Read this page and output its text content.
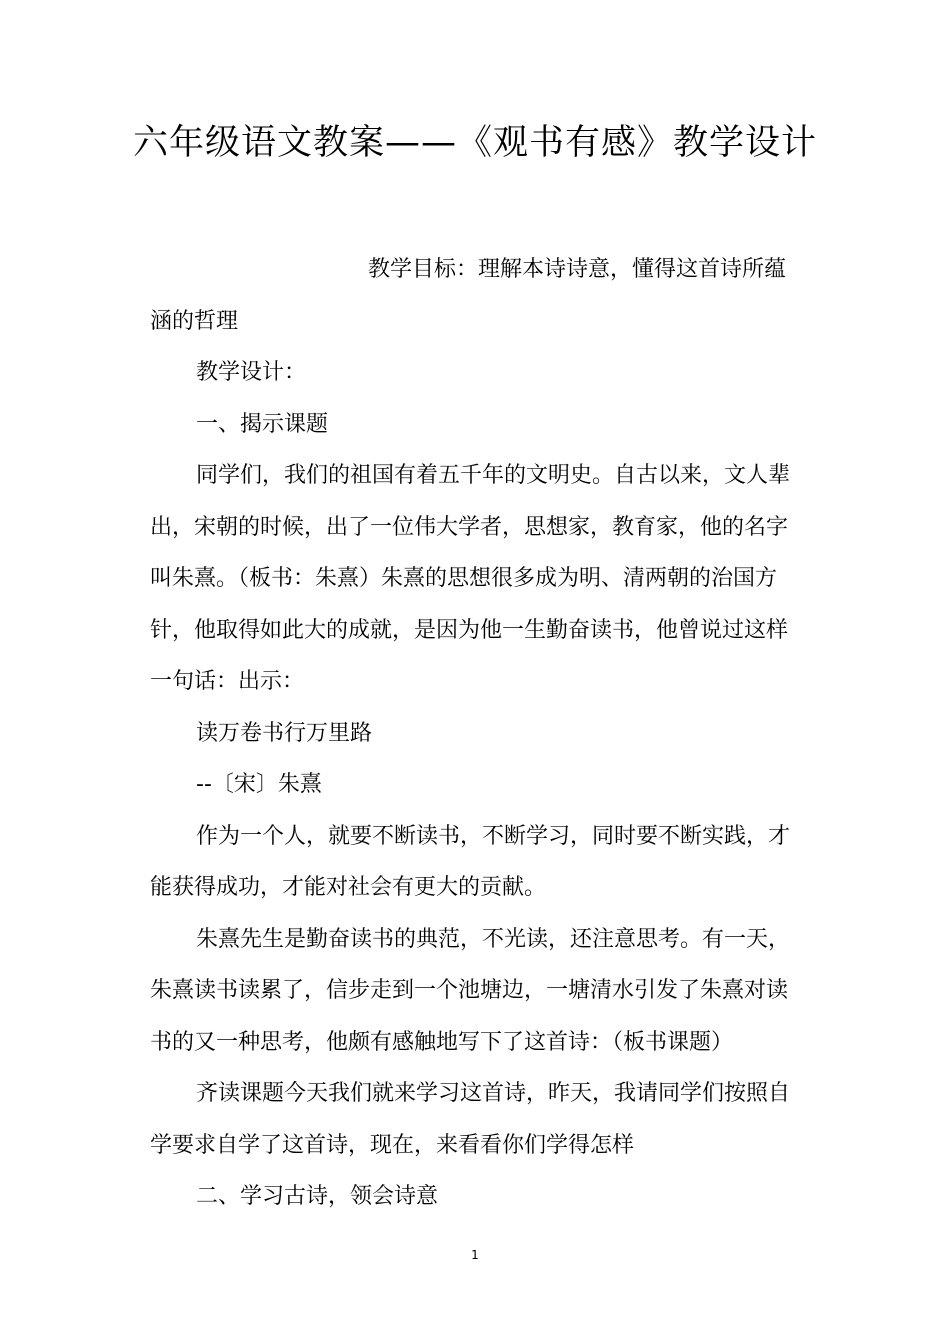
六年级语文教案——《观书有感》教学设计
教学目标：理解本诗诗意，懂得这首诗所蕴
涵的哲理
教学设计：
一、揭示课题
同学们，我们的祖国有着五千年的文明史。自古以来，文人辈
出，宋朝的时候，出了一位伟大学者，思想家，教育家，他的名字
叫朱熹。（板书：朱熹）朱熹的思想很多成为明、清两朝的治国方
针，他取得如此大的成就，是因为他一生勤奋读书，他曾说过这样
一句话：出示：
读万卷书行万里路
--〔宋〕朱熹
作为一个人，就要不断读书，不断学习，同时要不断实践，才
能获得成功，才能对社会有更大的贡献。
朱熹先生是勤奋读书的典范，不光读，还注意思考。有一天，
朱熹读书读累了，信步走到一个池塘边，一塘清水引发了朱熹对读
书的又一种思考，他颇有感触地写下了这首诗：（板书课题）
齐读课题今天我们就来学习这首诗，昨天，我请同学们按照自
学要求自学了这首诗，现在，来看看你们学得怎样
二、学习古诗，领会诗意
1
